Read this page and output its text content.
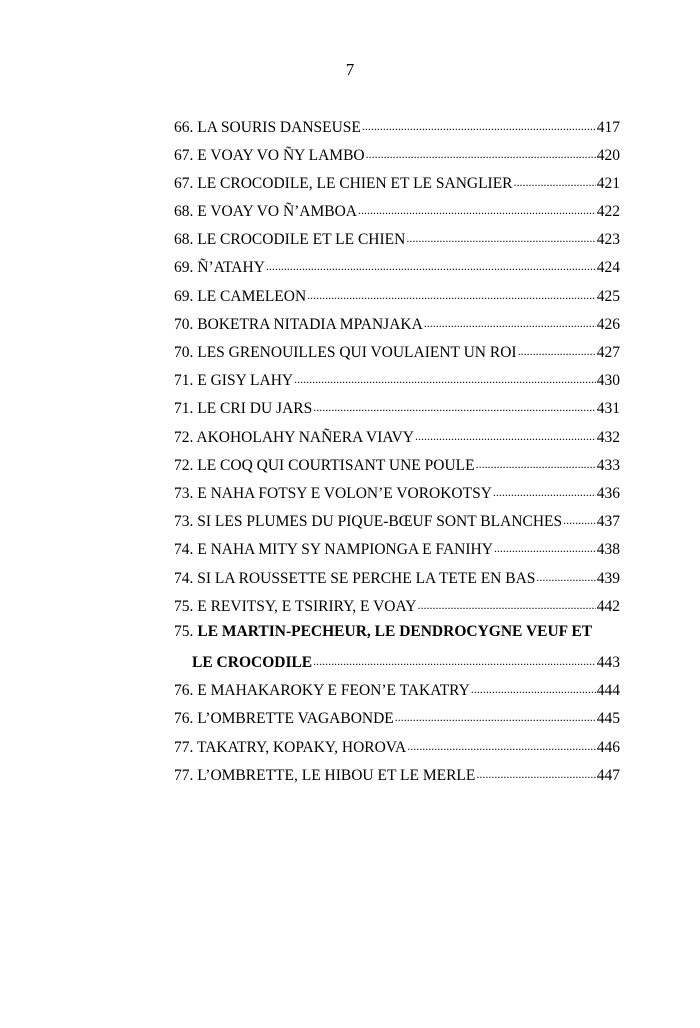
7
66. LA SOURIS DANSEUSE .....	417
67. E VOAY VO ÑY LAMBO .....	420
67. LE CROCODILE, LE CHIEN ET LE SANGLIER .....	421
68. E VOAY VO Ñ’AMBOA .....	422
68. LE CROCODILE ET LE CHIEN .....	423
69. Ñ’ATAHY .....	424
69. LE CAMELEON .....	425
70. BOKETRA NITADIA MPANJAKA .....	426
70. LES GRENOUILLES QUI VOULAIENT UN ROI .....	427
71. E GISY LAHY .....	430
71. LE CRI DU JARS .....	431
72. AKOHOLAHY NAÑERA VIAVY .....	432
72. LE COQ QUI COURTISANT UNE POULE .....	433
73. E NAHA FOTSY E VOLON’E VOROKOTSY .....	436
73. SI LES PLUMES DU PIQUE-BŒUF SONT BLANCHES ..... 437
74. E NAHA MITY SY NAMPIONGA E FANIHY .....	438
74. SI LA ROUSSETTE SE PERCHE LA TETE EN BAS .....	439
75. E REVITSY, E TSIRIRY, E VOAY .....	442
75. LE MARTIN-PECHEUR, LE DENDROCYGNE VEUF ET
LE CROCODILE .....	443
76. E MAHAKAROKY E FEON’E TAKATRY .....	444
76. L’OMBRETTE VAGABONDE .....	445
77. TAKATRY, KOPAKY, HOROVA .....	446
77. L’OMBRETTE, LE HIBOU ET LE MERLE .....	447
